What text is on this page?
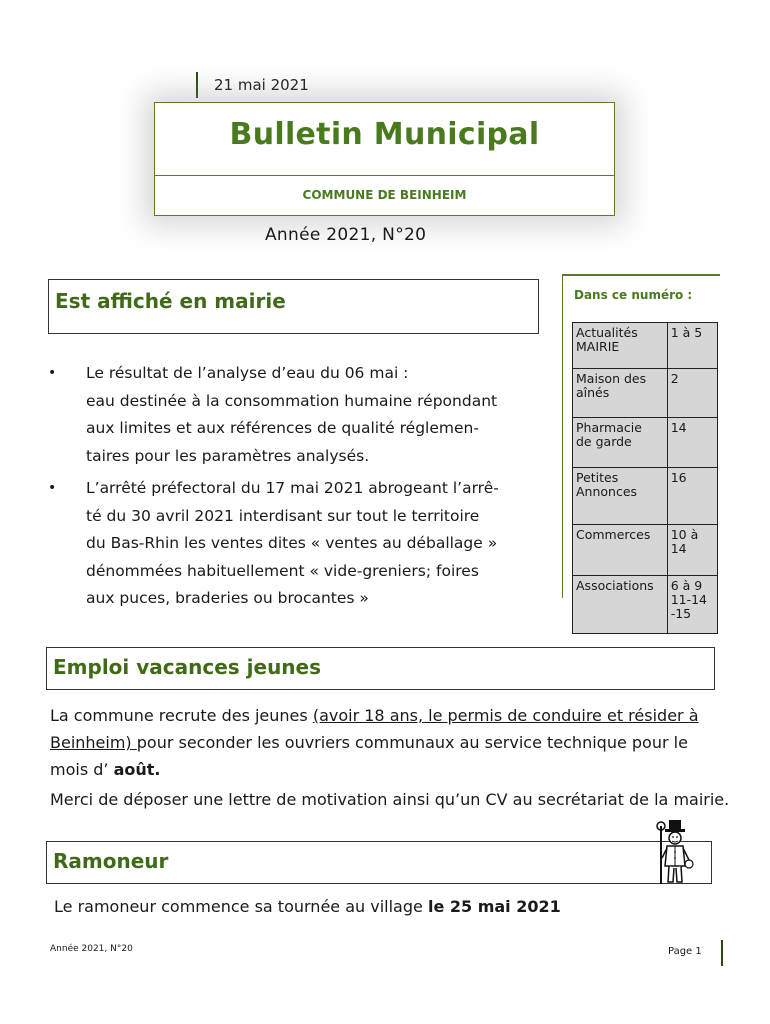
21 mai 2021
Bulletin Municipal
COMMUNE DE BEINHEIM
Année 2021, N°20
Est affiché en mairie
• Le résultat de l’analyse d’eau du 06 mai :
eau destinée à la consommation humaine répondant
aux limites et aux références de qualité réglemen-
taires pour les paramètres analysés.
• L’arrêté préfectoral du 17 mai 2021 abrogeant l’arrê-
té du 30 avril 2021 interdisant sur tout le territoire
du Bas-Rhin les ventes dites « ventes au déballage »
dénommées habituellement « vide-greniers; foires
aux puces, braderies ou brocantes »
Dans ce numéro :
Actualités
MAIRIE	1 à 5
Maison des
aînés	2
Pharmacie
de garde	14
Petites
Annonces	16
Commerces	10 à
14
Associations	6 à 9
11-14
-15
Emploi vacances jeunes
La commune recrute des jeunes (avoir 18 ans, le permis de conduire et résider à Beinheim) pour seconder les ouvriers communaux au service technique pour le mois d’ août.
Merci de déposer une lettre de motivation ainsi qu’un CV au secrétariat de la mairie.
Ramoneur
Le ramoneur commence sa tournée au village le 25 mai 2021
Année 2021, N°20	Page 1
